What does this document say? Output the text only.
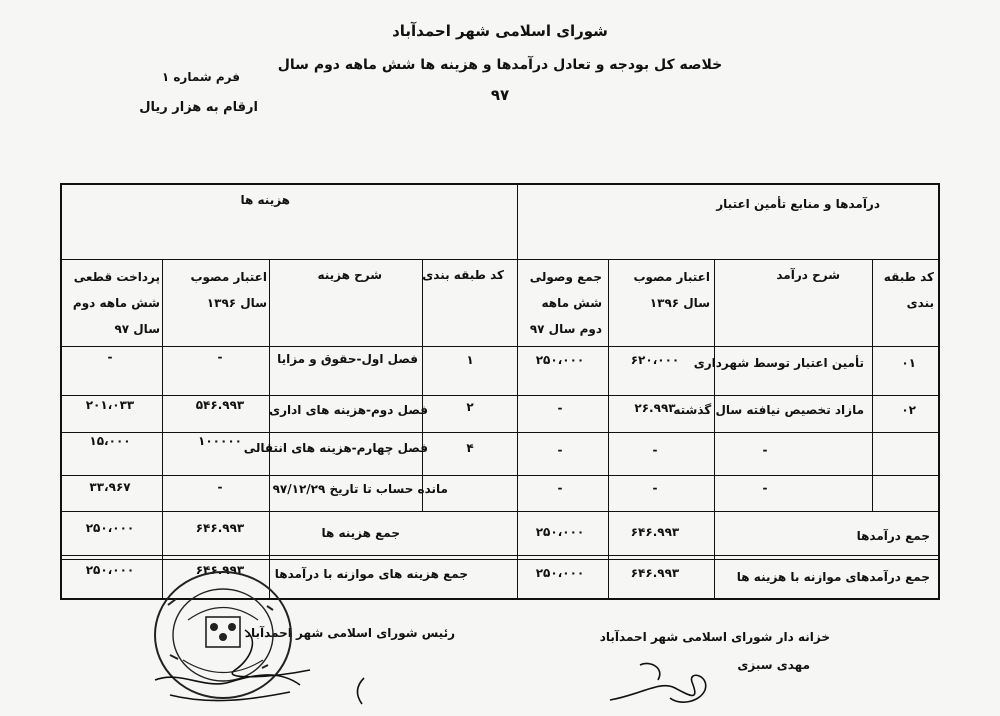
شورای اسلامی شهر احمدآباد
خلاصه کل بودجه و تعادل درآمدها و هزینه ها شش ماهه دوم سال
۹۷
فرم شماره ۱
ارقام به هزار ریال
درآمدها و منابع تأمین اعتبار
هزینه ها
کد طبقه بندی
شرح درآمد
اعتبار مصوب سال ۱۳۹۶
جمع وصولی شش ماهه دوم سال ۹۷
کد طبقه بندی
شرح هزینه
اعتبار مصوب سال ۱۳۹۶
پرداخت قطعی شش ماهه دوم سال ۹۷
۰۱
تأمین اعتبار توسط شهرداری
۶۲۰،۰۰۰
۲۵۰،۰۰۰
۱
فصل اول-حقوق و مزایا
-
-
۰۲
مازاد تخصیص نیافته سال گذشته
۲۶.۹۹۳
-
۲
فصل دوم-هزینه های اداری
۵۴۶.۹۹۳
۲۰۱،۰۳۳
-
-
-
۴
فصل چهارم-هزینه های انتقالی
۱۰۰۰۰۰
۱۵،۰۰۰
-
-
-
مانده حساب تا تاریخ ۹۷/۱۲/۲۹
-
۳۳،۹۶۷
جمع درآمدها
۶۴۶.۹۹۳
۲۵۰،۰۰۰
جمع هزینه ها
۶۴۶.۹۹۳
۲۵۰،۰۰۰
جمع درآمدهای موازنه با هزینه ها
۶۴۶.۹۹۳
۲۵۰،۰۰۰
جمع هزینه های موازنه با درآمدها
۶۴۶.۹۹۳
۲۵۰،۰۰۰
خزانه دار شورای اسلامی شهر احمدآباد
مهدی سبزی
رئیس شورای اسلامی شهر احمدآباد
